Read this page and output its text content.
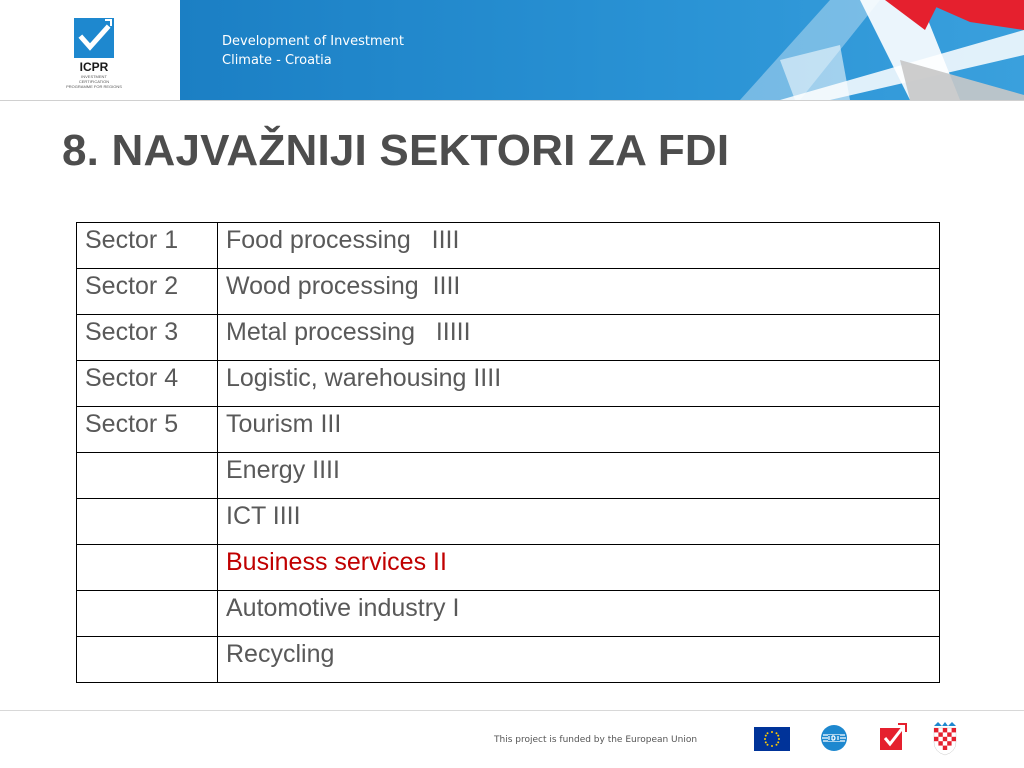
ICPR
INVESTMENT CERTIFICATION PROGRAMME FOR REGIONS
Development of Investment
Climate - Croatia
8. NAJVAŽNIJI SEKTORI ZA FDI
Sector 1	Food processing   IIII
Sector 2	Wood processing  IIII
Sector 3	Metal processing   IIIII
Sector 4	Logistic, warehousing IIII
Sector 5	Tourism III
	Energy IIII
	ICT IIII
	Business services II
	Automotive industry I
	Recycling
This project is funded by the European Union
